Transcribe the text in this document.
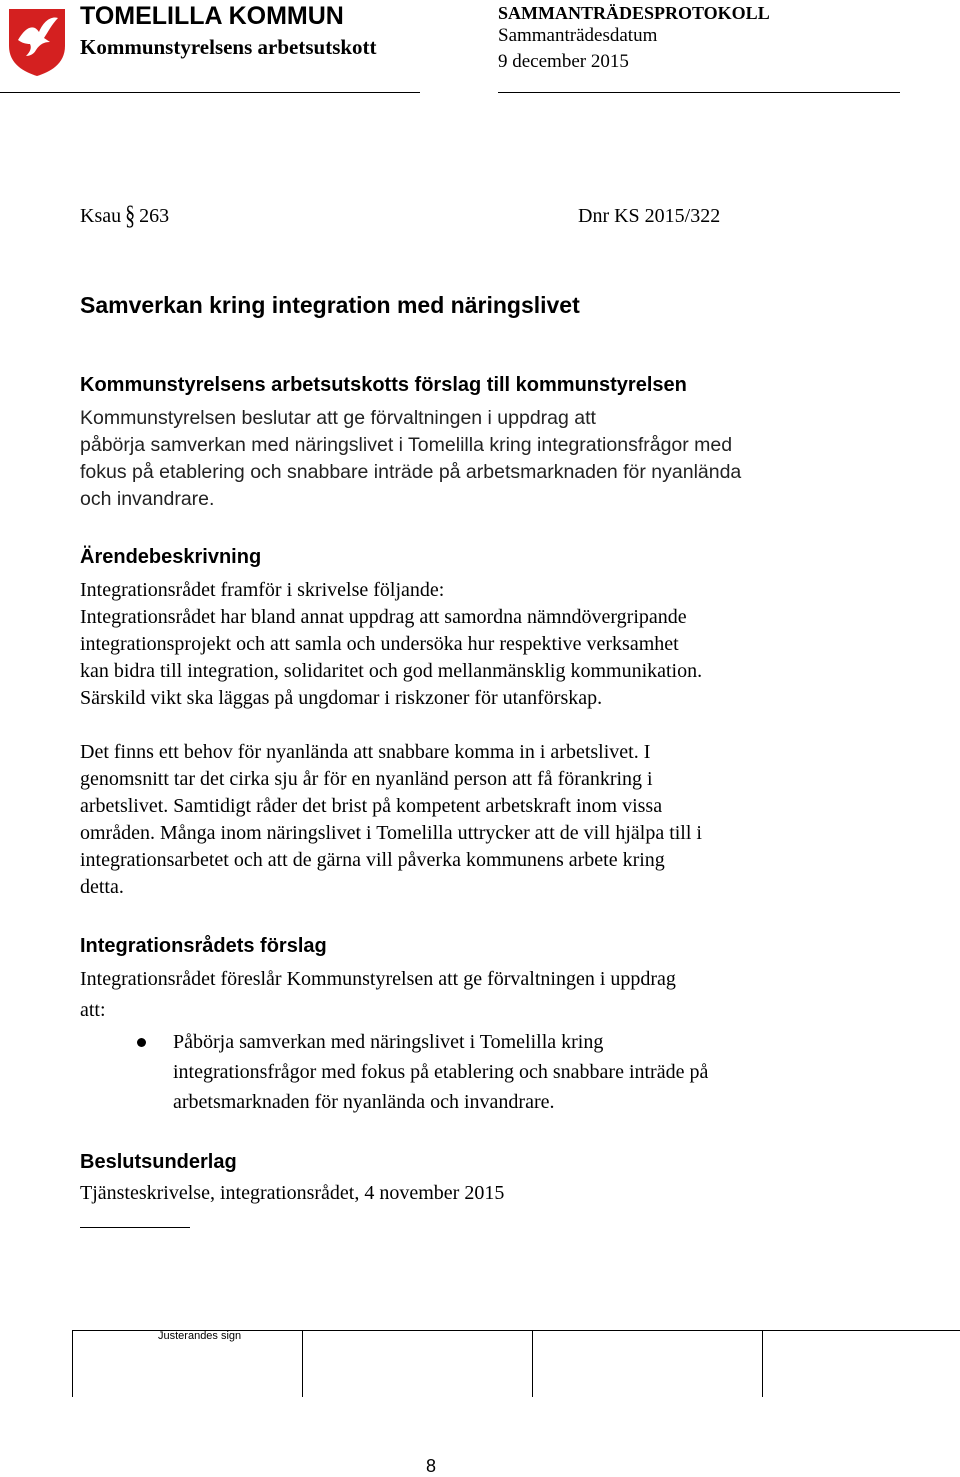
TOMELILLA KOMMUN
Kommunstyrelsens arbetsutskott
SAMMANTRÄDESPROTOKOLL
Sammanträdesdatum
9 december 2015
Ksau § 263	Dnr KS 2015/322
Samverkan kring integration med näringslivet
Kommunstyrelsens arbetsutskotts förslag till kommunstyrelsen
Kommunstyrelsen beslutar att ge förvaltningen i uppdrag att
påbörja samverkan med näringslivet i Tomelilla kring integrationsfrågor med
fokus på etablering och snabbare inträde på arbetsmarknaden för nyanlända
och invandrare.
Ärendebeskrivning
Integrationsrådet framför i skrivelse följande:
Integrationsrådet har bland annat uppdrag att samordna nämndövergripande
integrationsprojekt och att samla och undersöka hur respektive verksamhet
kan bidra till integration, solidaritet och god mellanmänsklig kommunikation.
Särskild vikt ska läggas på ungdomar i riskzoner för utanförskap.
Det finns ett behov för nyanlända att snabbare komma in i arbetslivet. I
genomsnitt tar det cirka sju år för en nyanländ person att få förankring i
arbetslivet. Samtidigt råder det brist på kompetent arbetskraft inom vissa
områden. Många inom näringslivet i Tomelilla uttrycker att de vill hjälpa till i
integrationsarbetet och att de gärna vill påverka kommunens arbete kring
detta.
Integrationsrådets förslag
Integrationsrådet föreslår Kommunstyrelsen att ge förvaltningen i uppdrag
att:
Påbörja samverkan med näringslivet i Tomelilla kring
integrationsfrågor med fokus på etablering och snabbare inträde på
arbetsmarknaden för nyanlända och invandrare.
Beslutsunderlag
Tjänsteskrivelse, integrationsrådet, 4 november 2015
Justerandes sign
8
